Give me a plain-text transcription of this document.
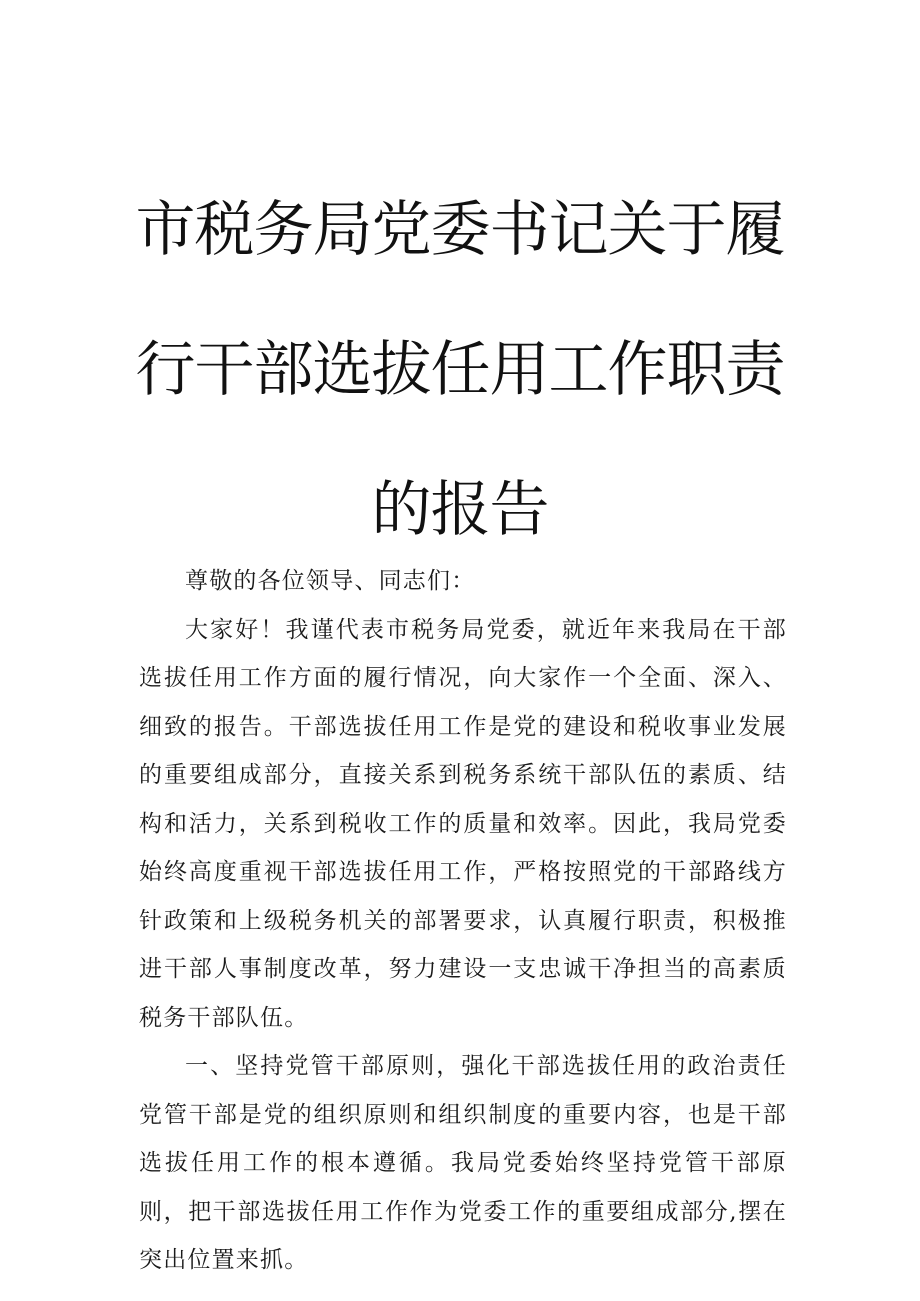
市税务局党委书记关于履
行干部选拔任用工作职责
的报告

尊敬的各位领导、同志们：

大家好！我谨代表市税务局党委，就近年来我局在干部选拔任用工作方面的履行情况，向大家作一个全面、深入、细致的报告。干部选拔任用工作是党的建设和税收事业发展的重要组成部分，直接关系到税务系统干部队伍的素质、结构和活力，关系到税收工作的质量和效率。因此，我局党委始终高度重视干部选拔任用工作，严格按照党的干部路线方针政策和上级税务机关的部署要求，认真履行职责，积极推进干部人事制度改革，努力建设一支忠诚干净担当的高素质税务干部队伍。

一、坚持党管干部原则，强化干部选拔任用的政治责任党管干部是党的组织原则和组织制度的重要内容，也是干部选拔任用工作的根本遵循。我局党委始终坚持党管干部原则，把干部选拔任用工作作为党委工作的重要组成部分,摆在突出位置来抓。
